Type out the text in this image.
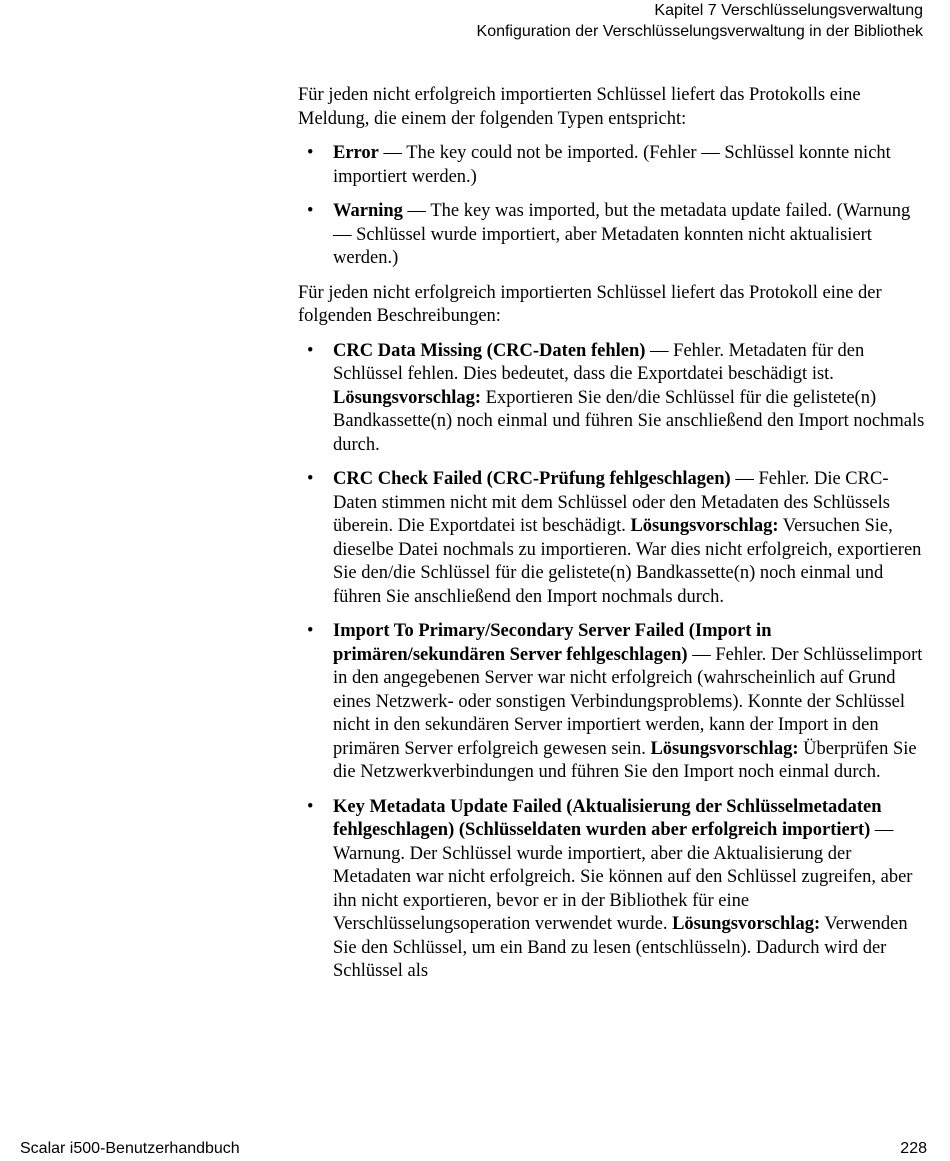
Kapitel 7 Verschlüsselungsverwaltung
Konfiguration der Verschlüsselungsverwaltung in der Bibliothek

Für jeden nicht erfolgreich importierten Schlüssel liefert das Protokolls eine Meldung, die einem der folgenden Typen entspricht:

• Error — The key could not be imported. (Fehler — Schlüssel konnte nicht importiert werden.)
• Warning — The key was imported, but the metadata update failed. (Warnung — Schlüssel wurde importiert, aber Metadaten konnten nicht aktualisiert werden.)

Für jeden nicht erfolgreich importierten Schlüssel liefert das Protokoll eine der folgenden Beschreibungen:

• CRC Data Missing (CRC-Daten fehlen) — Fehler. Metadaten für den Schlüssel fehlen. Dies bedeutet, dass die Exportdatei beschädigt ist. Lösungsvorschlag: Exportieren Sie den/die Schlüssel für die gelistete(n) Bandkassette(n) noch einmal und führen Sie anschließend den Import nochmals durch.
• CRC Check Failed (CRC-Prüfung fehlgeschlagen) — Fehler. Die CRC-Daten stimmen nicht mit dem Schlüssel oder den Metadaten des Schlüssels überein. Die Exportdatei ist beschädigt. Lösungsvorschlag: Versuchen Sie, dieselbe Datei nochmals zu importieren. War dies nicht erfolgreich, exportieren Sie den/die Schlüssel für die gelistete(n) Bandkassette(n) noch einmal und führen Sie anschließend den Import nochmals durch.
• Import To Primary/Secondary Server Failed (Import in primären/sekundären Server fehlgeschlagen) — Fehler. Der Schlüsselimport in den angegebenen Server war nicht erfolgreich (wahrscheinlich auf Grund eines Netzwerk- oder sonstigen Verbindungsproblems). Konnte der Schlüssel nicht in den sekundären Server importiert werden, kann der Import in den primären Server erfolgreich gewesen sein. Lösungsvorschlag: Überprüfen Sie die Netzwerkverbindungen und führen Sie den Import noch einmal durch.
• Key Metadata Update Failed (Aktualisierung der Schlüsselmetadaten fehlgeschlagen) (Schlüsseldaten wurden aber erfolgreich importiert) — Warnung. Der Schlüssel wurde importiert, aber die Aktualisierung der Metadaten war nicht erfolgreich. Sie können auf den Schlüssel zugreifen, aber ihn nicht exportieren, bevor er in der Bibliothek für eine Verschlüsselungsoperation verwendet wurde. Lösungsvorschlag: Verwenden Sie den Schlüssel, um ein Band zu lesen (entschlüsseln). Dadurch wird der Schlüssel als
Scalar i500-Benutzerhandbuch	228
